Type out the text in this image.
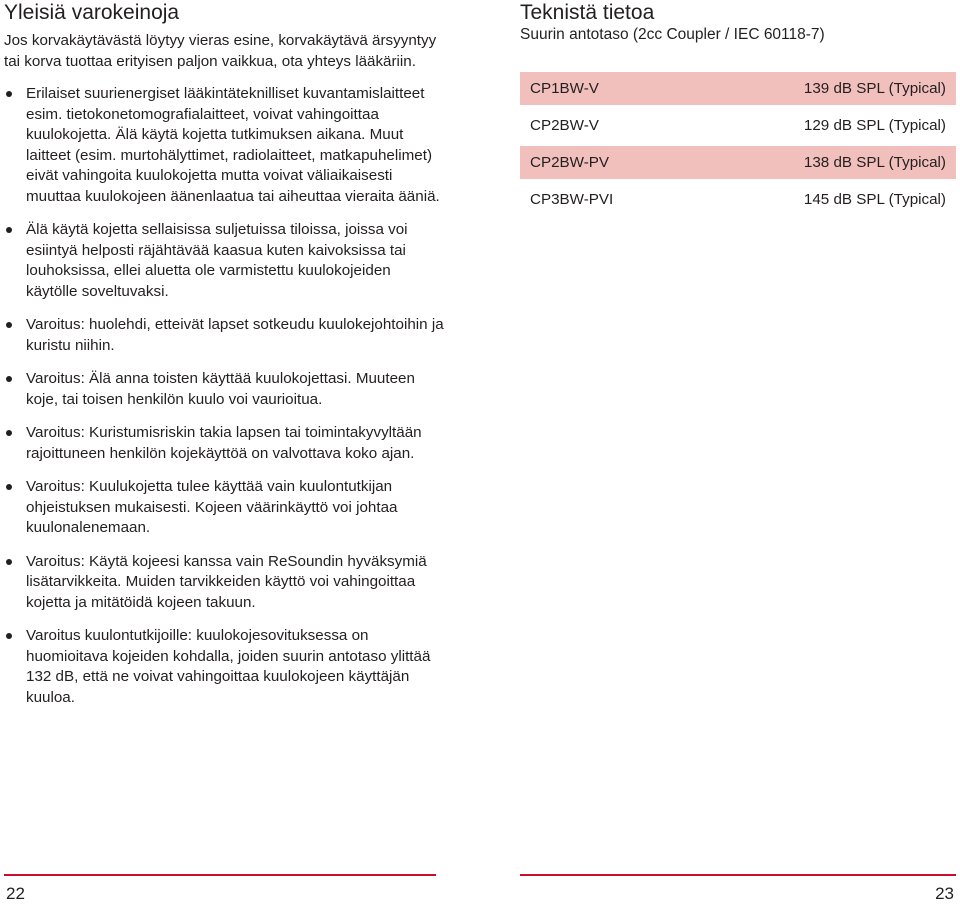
Yleisiä varokeinoja

Jos korvakäytävästä löytyy vieras esine, korvakäytävä ärsyyntyy tai korva tuottaa erityisen paljon vaikkua, ota yhteys lääkäriin.

Erilaiset suurienergiset lääkintäteknilliset kuvantamislaitteet esim. tietokonetomografialaitteet, voivat vahingoittaa kuulokojetta. Älä käytä kojetta tutkimuksen aikana. Muut laitteet (esim. murtohälyttimet, radiolaitteet, matkapuhelimet) eivät vahingoita kuulokojetta mutta voivat väliaikaisesti muuttaa kuulokojeen äänenlaatua tai aiheuttaa vieraita ääniä.
Älä käytä kojetta sellaisissa suljetuissa tiloissa, joissa voi esiintyä helposti räjähtävää kaasua kuten kaivoksissa tai louhoksissa, ellei aluetta ole varmistettu kuulokojeiden käytölle soveltuvaksi.
Varoitus: huolehdi, etteivät lapset sotkeudu kuulokejohtoihin ja kuristu niihin.
Varoitus: Älä anna toisten käyttää kuulokojettasi. Muuteen koje, tai toisen henkilön kuulo voi vaurioitua.
Varoitus: Kuristumisriskin takia lapsen tai toimintakyvyltään rajoittuneen henkilön kojekäyttöä on valvottava koko ajan.
Varoitus: Kuulukojetta tulee käyttää vain kuulontutkijan ohjeistuksen mukaisesti. Kojeen väärinkäyttö voi johtaa kuulonalenemaan.
Varoitus: Käytä kojeesi kanssa vain ReSoundin hyväksymiä lisätarvikkeita. Muiden tarvikkeiden käyttö voi vahingoittaa kojetta ja mitätöidä kojeen takuun.
Varoitus kuulontutkijoille: kuulokojesovituksessa on huomioitava kojeiden kohdalla, joiden suurin antotaso ylittää 132 dB, että ne voivat vahingoittaa kuulokojeen käyttäjän kuuloa.
Teknistä tietoa

Suurin antotaso (2cc Coupler / IEC 60118-7)

CP1BW-V	139 dB SPL (Typical)
CP2BW-V	129 dB SPL (Typical)
CP2BW-PV	138 dB SPL (Typical)
CP3BW-PVI	145 dB SPL (Typical)
22	23
